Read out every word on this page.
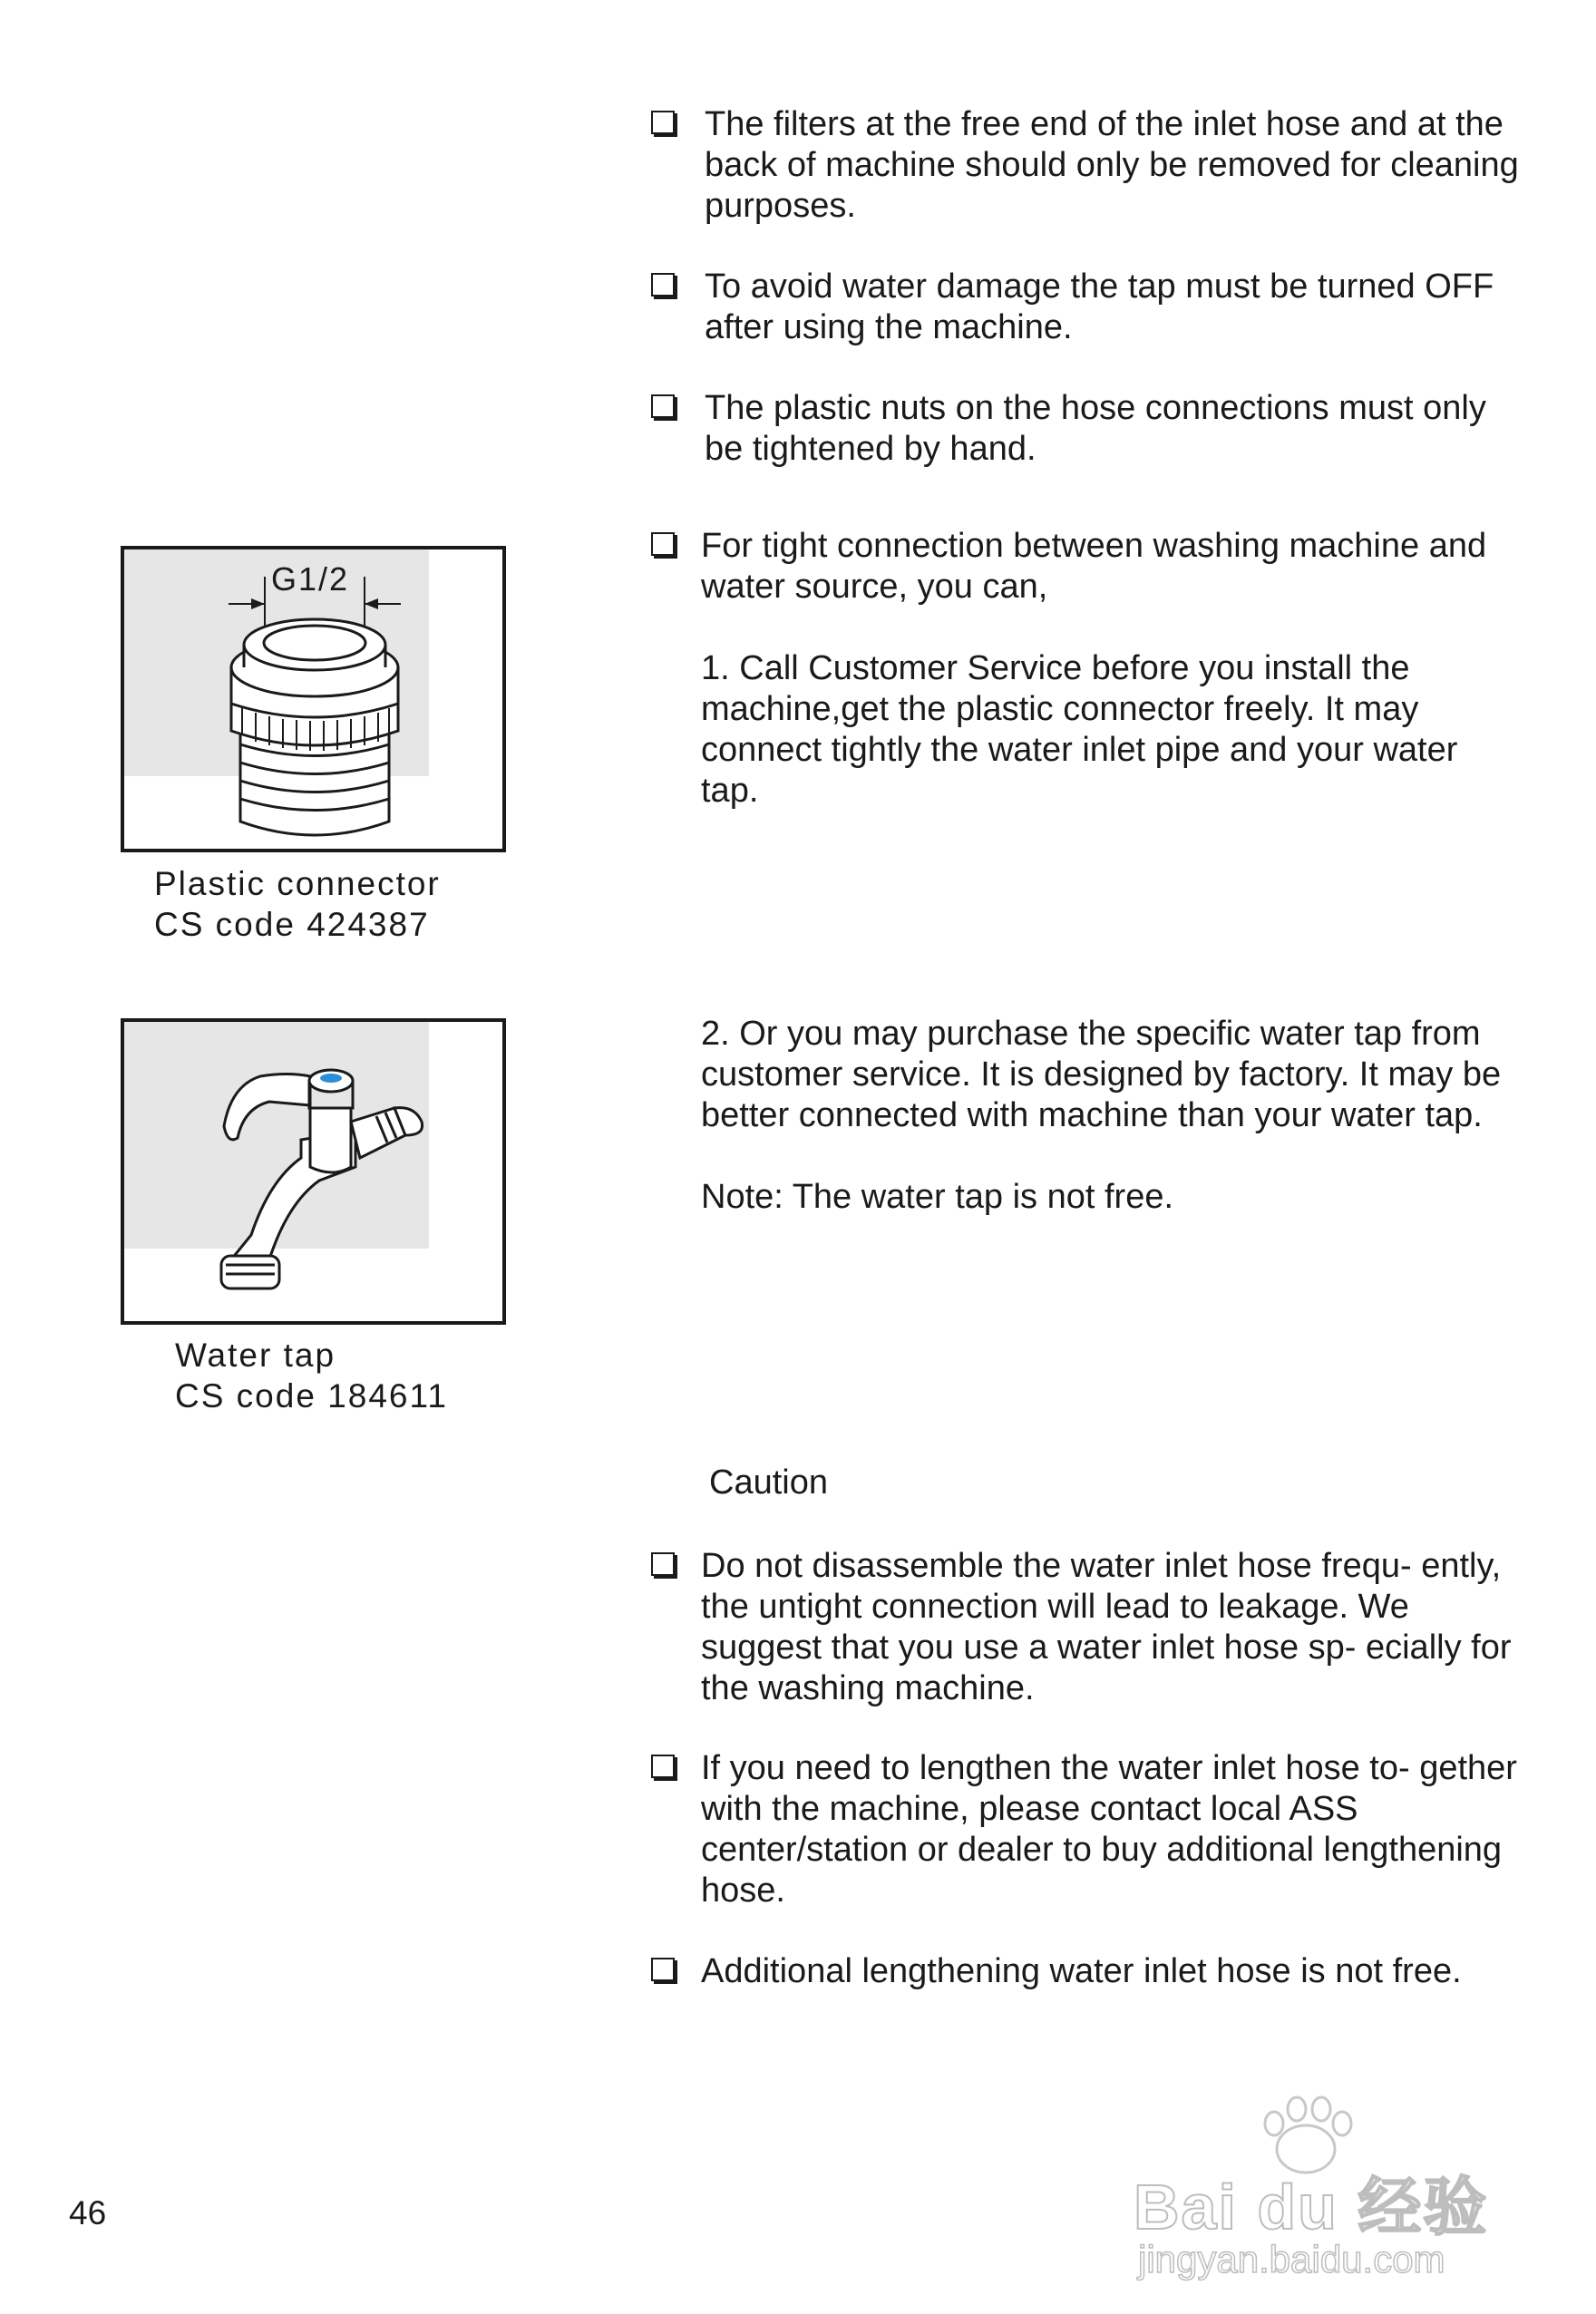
The filters at the free end of the inlet hose and at the back of machine should only be removed for cleaning purposes.
To avoid water damage the tap must be turned OFF after using the machine.
The plastic nuts on the hose connections must only be tightened by hand.
For tight connection between washing machine and water source, you can,
1. Call Customer Service before you install the machine,get the plastic connector freely. It may connect tightly the water inlet pipe and your water tap.
2. Or you may purchase the specific water tap from customer service. It is designed by factory. It may be better connected with machine than your water tap.
Note: The water tap is not free.
G1/2
Plastic connector
CS code 424387
Water tap
CS code 184611
Caution
Do not disassemble the water inlet hose frequ- ently, the untight connection will lead to leakage. We suggest that you use a water inlet hose sp- ecially for the washing machine.
If you need to lengthen the water inlet hose to- gether with the machine, please contact local ASS center/station or dealer to buy additional lengthening hose.
Additional lengthening water inlet hose is not free.
46	Bai du 经验
jingyan.baidu.com
